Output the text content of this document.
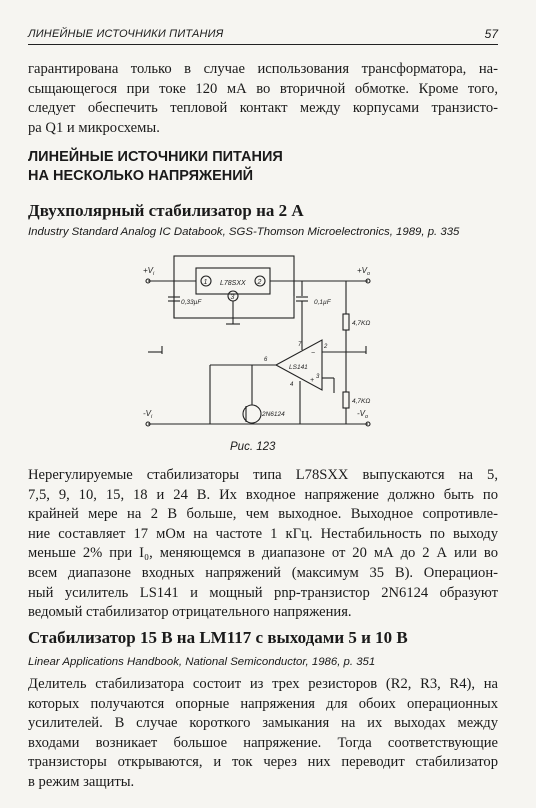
ЛИНЕЙНЫЕ ИСТОЧНИКИ ПИТАНИЯ	57
гарантирована только в случае использования трансформатора, на-
сыщающегося при токе 120 мА во вторичной обмотке. Кроме того,
следует обеспечить тепловой контакт между корпусами транзисто-
ра Q1 и микросхемы.
ЛИНЕЙНЫЕ ИСТОЧНИКИ ПИТАНИЯ
НА НЕСКОЛЬКО НАПРЯЖЕНИЙ
Двухполярный стабилизатор на 2 А
Industry Standard Analog IC Databook, SGS-Thomson Microelectronics, 1989, p. 335
L78SXX
1	2
3
0,33µF	0,1µF
$+V_i$	$+V_o$
4,7KΩ
4,7KΩ
LS141
−
+
7	2
6
3
4
2N6124
$-V_i$	$-V_o$
Рис. 123
Нерегулируемые стабилизаторы типа L78SXX выпускаются на 5,
7,5, 9, 10, 15, 18 и 24 В. Их входное напряжение должно быть по
крайней мере на 2 В больше, чем выходное. Выходное сопротивле-
ние составляет 17 мОм на частоте 1 кГц. Нестабильность по выходу
меньше 2% при I₀, меняющемся в диапазоне от 20 мА до 2 А или во
всем диапазоне входных напряжений (максимум 35 В). Операцион-
ный усилитель LS141 и мощный pnp-транзистор 2N6124 образуют
ведомый стабилизатор отрицательного напряжения.
Стабилизатор 15 В на LM117 с выходами 5 и 10 В
Linear Applications Handbook, National Semiconductor, 1986, p. 351
Делитель стабилизатора состоит из трех резисторов (R2, R3, R4), на
которых получаются опорные напряжения для обоих операционных
усилителей. В случае короткого замыкания на их выходах между
входами возникает большое напряжение. Тогда соответствующие
транзисторы открываются, и ток через них переводит стабилизатор
в режим защиты.
